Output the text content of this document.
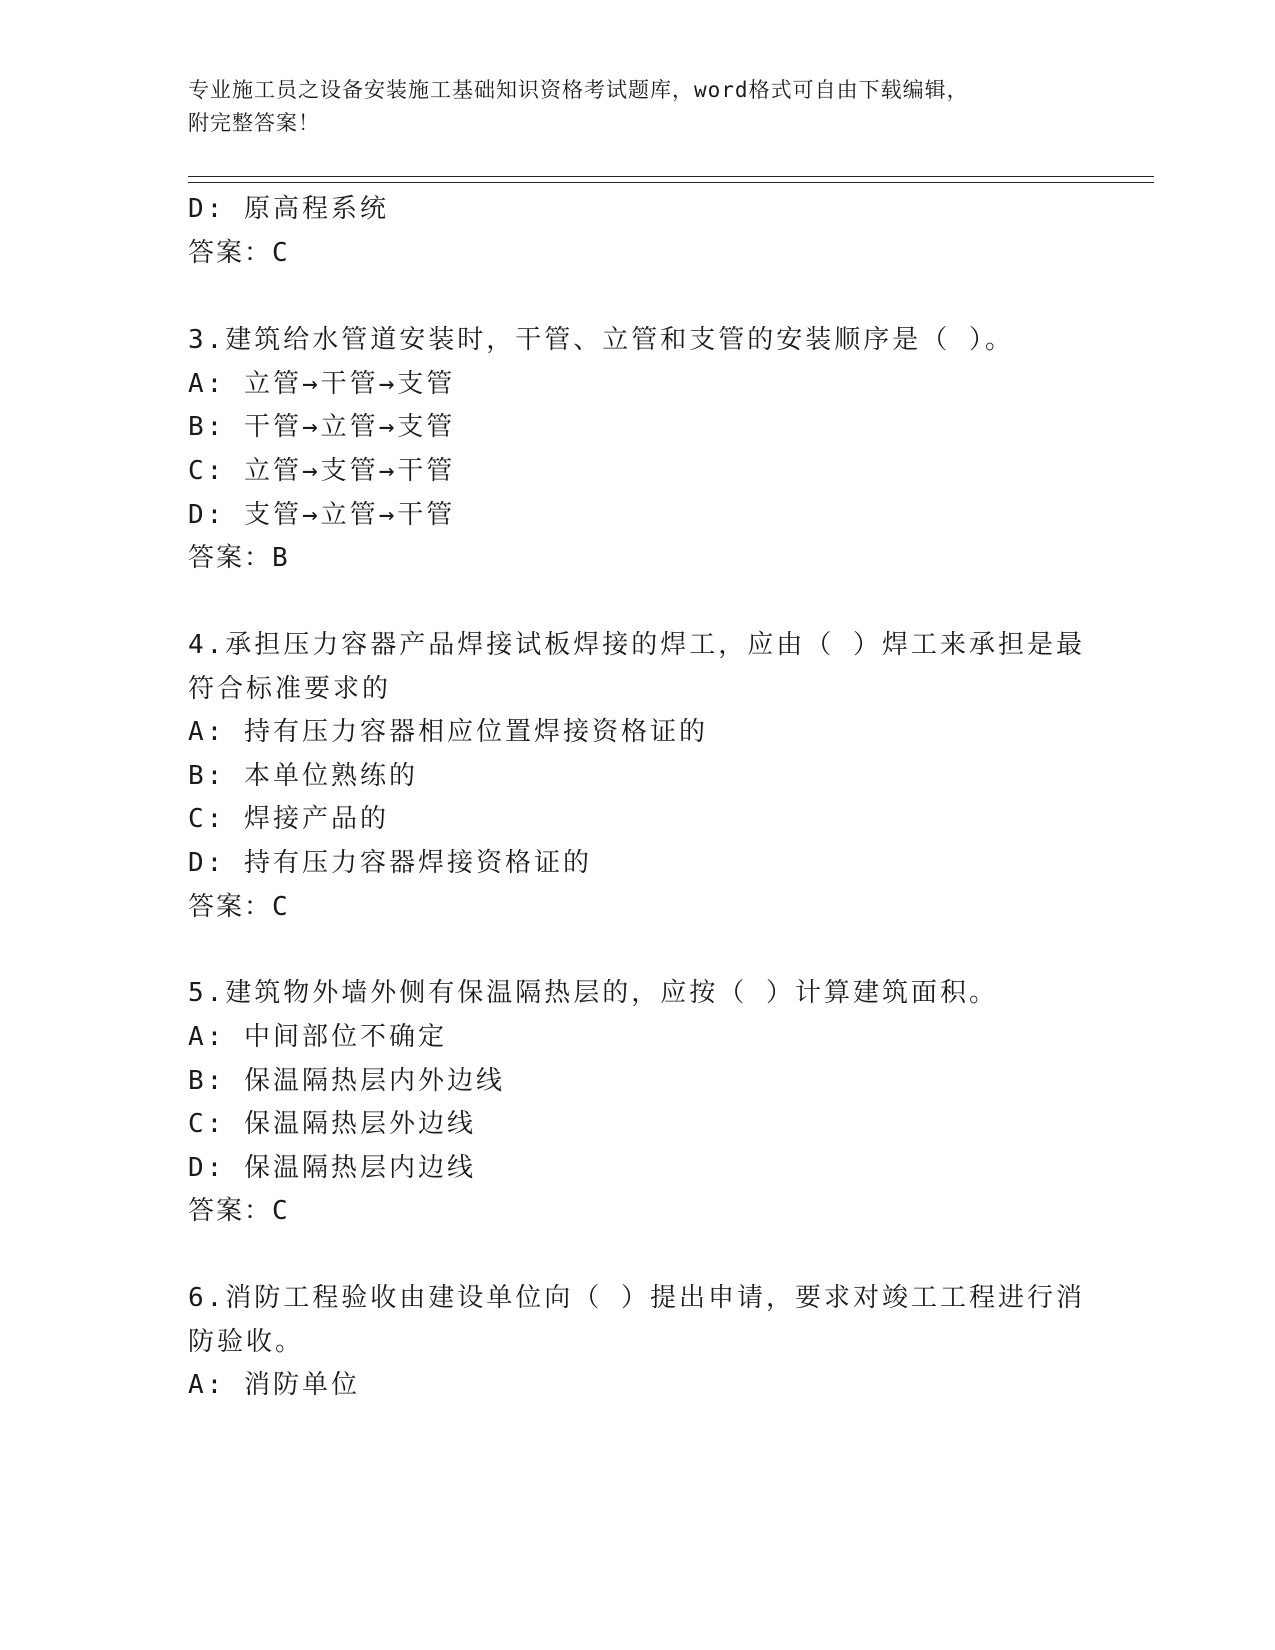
专业施工员之设备安装施工基础知识资格考试题库，word格式可自由下载编辑，
附完整答案！
D: 原高程系统
答案：C
3.建筑给水管道安装时，干管、立管和支管的安装顺序是（ ）。
A: 立管→干管→支管
B: 干管→立管→支管
C: 立管→支管→干管
D: 支管→立管→干管
答案：B
4.承担压力容器产品焊接试板焊接的焊工，应由（ ）焊工来承担是最
符合标准要求的
A: 持有压力容器相应位置焊接资格证的
B: 本单位熟练的
C: 焊接产品的
D: 持有压力容器焊接资格证的
答案：C
5.建筑物外墙外侧有保温隔热层的，应按（ ）计算建筑面积。
A: 中间部位不确定
B: 保温隔热层内外边线
C: 保温隔热层外边线
D: 保温隔热层内边线
答案：C
6.消防工程验收由建设单位向（ ）提出申请，要求对竣工工程进行消
防验收。
A: 消防单位
